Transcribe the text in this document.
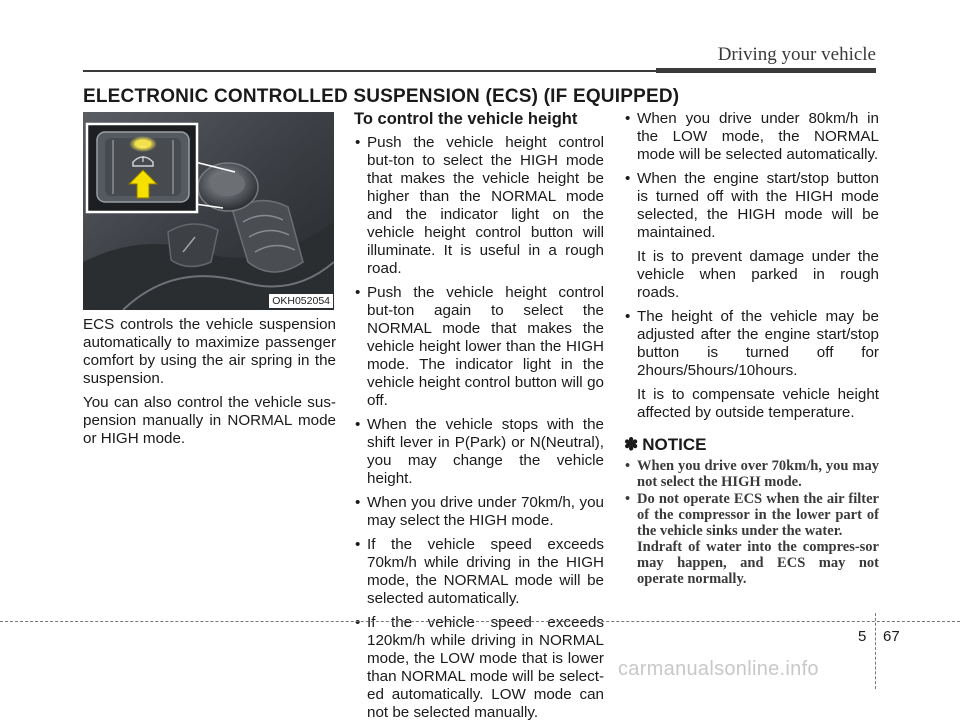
Driving your vehicle
ELECTRONIC CONTROLLED SUSPENSION (ECS) (IF EQUIPPED)
OKH052054

ECS controls the vehicle suspension automatically to maximize passenger comfort by using the air spring in the suspension.

You can also control the vehicle sus-pension manually in NORMAL mode or HIGH mode.

To control the vehicle height
• Push the vehicle height control but-ton to select the HIGH mode that makes the vehicle height be higher than the NORMAL mode and the indicator light on the vehicle height control button will illuminate. It is useful in a rough road.
• Push the vehicle height control but-ton again to select the NORMAL mode that makes the vehicle height lower than the HIGH mode. The indicator light in the vehicle height control button will go off.
• When the vehicle stops with the shift lever in P(Park) or N(Neutral), you may change the vehicle height.
• When you drive under 70km/h, you may select the HIGH mode.
• If the vehicle speed exceeds 70km/h while driving in the HIGH mode, the NORMAL mode will be selected automatically.
• If the vehicle speed exceeds 120km/h while driving in NORMAL mode, the LOW mode that is lower than NORMAL mode will be select-ed automatically. LOW mode can not be selected manually.
• When you drive under 80km/h in the LOW mode, the NORMAL mode will be selected automatically.
• When the engine start/stop button is turned off with the HIGH mode selected, the HIGH mode will be maintained.

It is to prevent damage under the vehicle when parked in rough roads.

• The height of the vehicle may be adjusted after the engine start/stop button is turned off for 2hours/5hours/10hours.

It is to compensate vehicle height affected by outside temperature.

✽ NOTICE
• When you drive over 70km/h, you may not select the HIGH mode.
• Do not operate ECS when the air filter of the compressor in the lower part of the vehicle sinks under the water.
Indraft of water into the compres-sor may happen, and ECS may not operate normally.
5 67
carmanualsonline.info
